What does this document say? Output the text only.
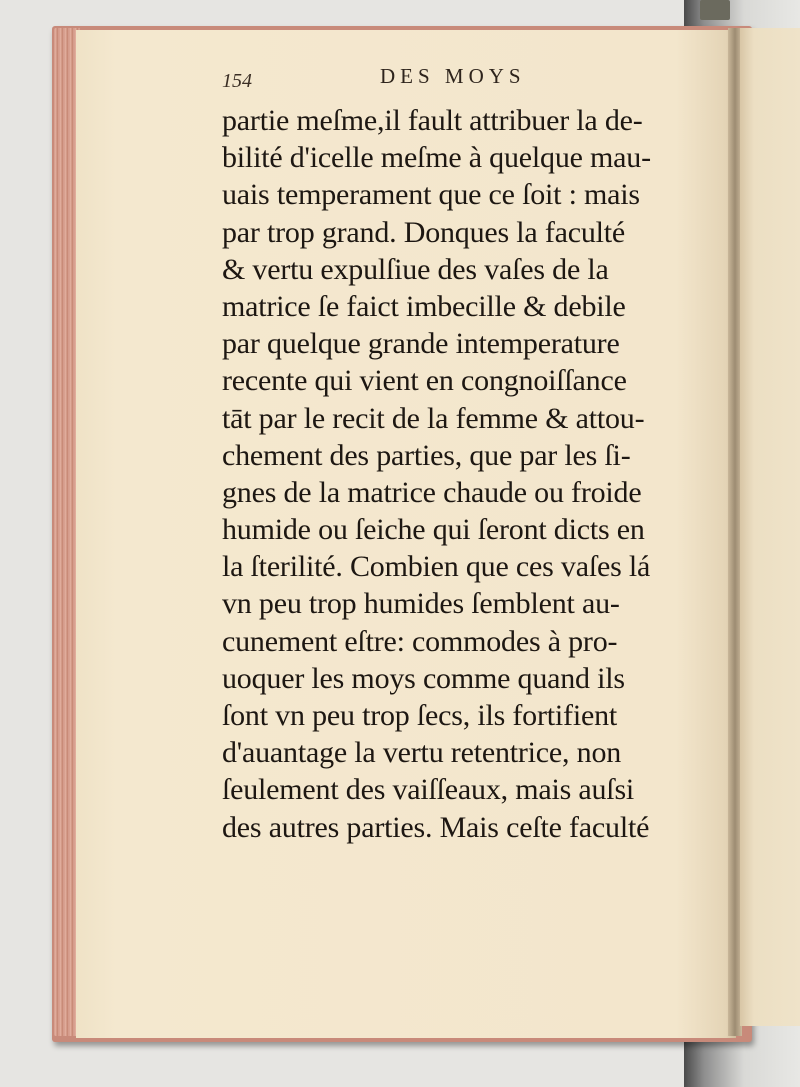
154	DES MOYS
partie meſme,il fault attribuer la de-
bilité d'icelle meſme à quelque mau-
uais temperament que ce ſoit : mais
par trop grand. Donques la faculté
& vertu expulſiue des vaſes de la
matrice ſe faict imbecille & debile
par quelque grande intemperature
recente qui vient en congnoiſſance
tāt par le recit de la femme & attou-
chement des parties, que par les ſi-
gnes de la matrice chaude ou froide
humide ou ſeiche qui ſeront dicts en
la ſterilité. Combien que ces vaſes lá
vn peu trop humides ſemblent au-
cunement eſtre: commodes à pro-
uoquer les moys comme quand ils
ſont vn peu trop ſecs, ils fortifient
d'auantage la vertu retentrice, non
ſeulement des vaiſſeaux, mais auſsi
des autres parties. Mais ceſte faculté
